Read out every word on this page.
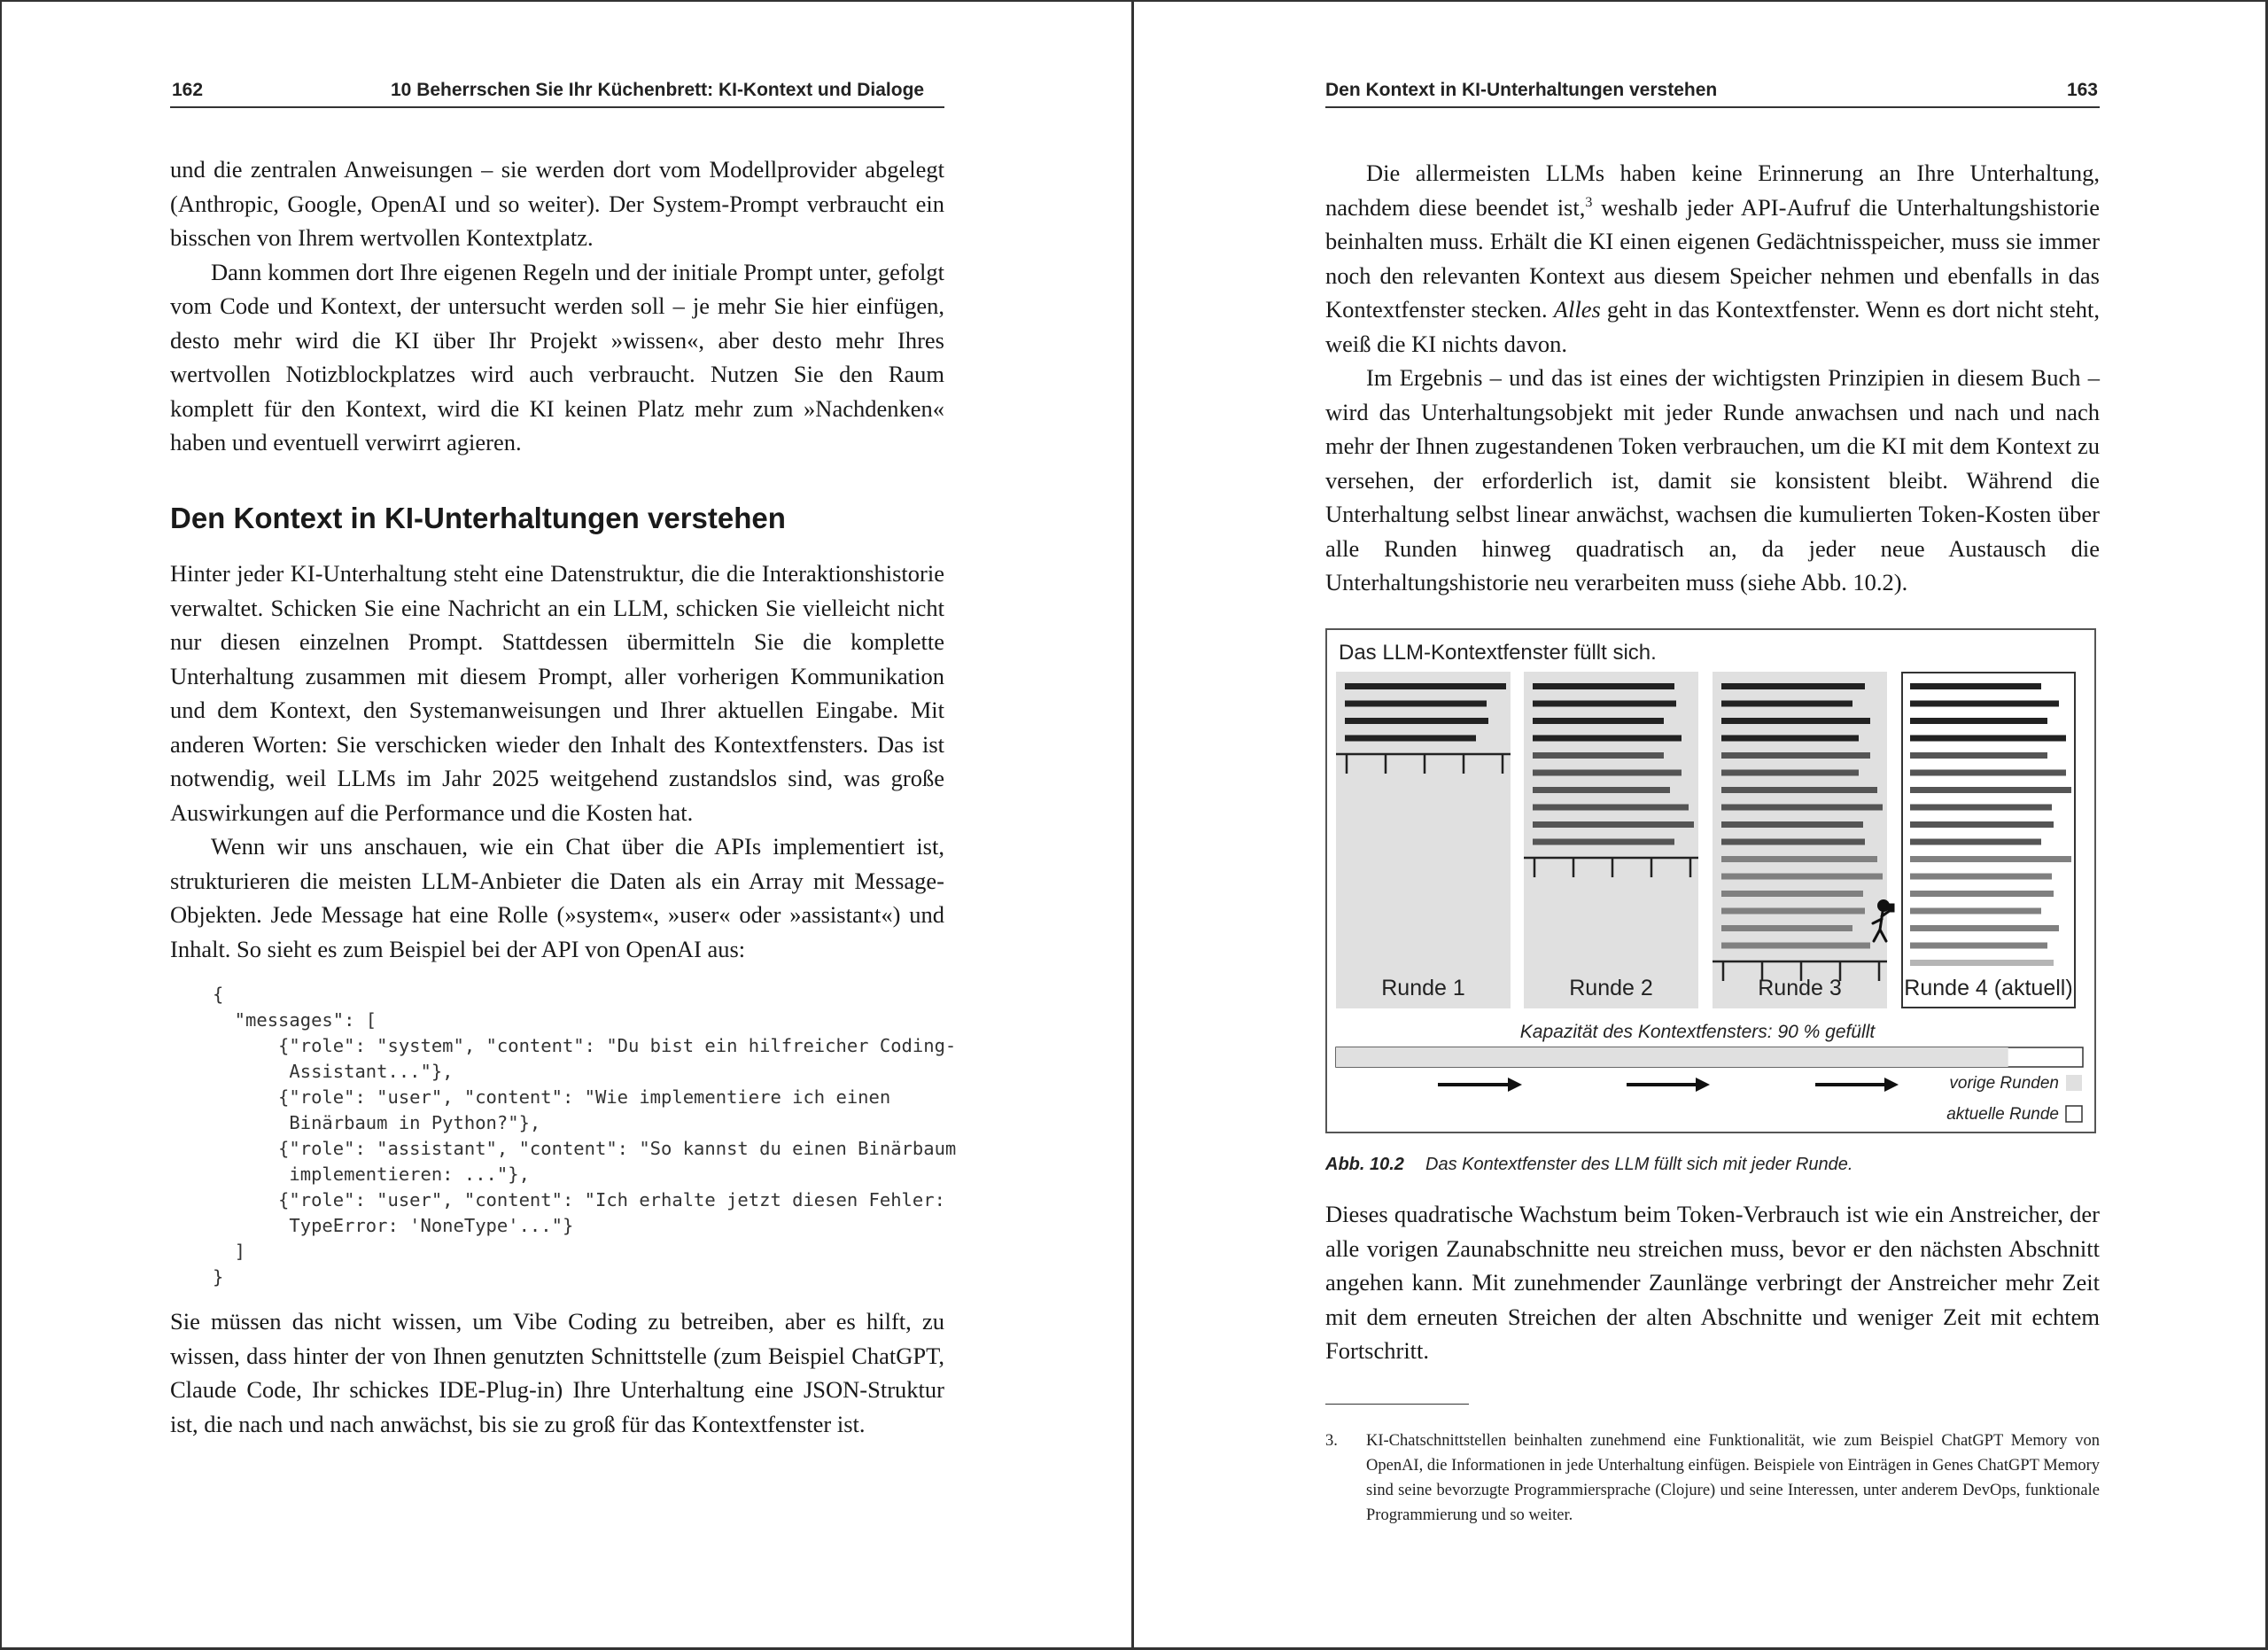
162	10 Beherrschen Sie Ihr Küchenbrett: KI-Kontext und Dialoge

und die zentralen Anweisungen – sie werden dort vom Modellprovider abgelegt (Anthropic, Google, OpenAI und so weiter). Der System-Prompt verbraucht ein bisschen von Ihrem wertvollen Kontextplatz.

Dann kommen dort Ihre eigenen Regeln und der initiale Prompt unter, gefolgt vom Code und Kontext, der untersucht werden soll – je mehr Sie hier einfügen, desto mehr wird die KI über Ihr Projekt »wissen«, aber desto mehr Ihres wertvollen Notizblockplatzes wird auch verbraucht. Nutzen Sie den Raum komplett für den Kontext, wird die KI keinen Platz mehr zum »Nachdenken« haben und eventuell verwirrt agieren.

Den Kontext in KI-Unterhaltungen verstehen

Hinter jeder KI-Unterhaltung steht eine Datenstruktur, die die Interaktionshistorie verwaltet. Schicken Sie eine Nachricht an ein LLM, schicken Sie vielleicht nicht nur diesen einzelnen Prompt. Stattdessen übermitteln Sie die komplette Unterhaltung zusammen mit diesem Prompt, aller vorherigen Kommunikation und dem Kontext, den Systemanweisungen und Ihrer aktuellen Eingabe. Mit anderen Worten: Sie verschicken wieder den Inhalt des Kontextfensters. Das ist notwendig, weil LLMs im Jahr 2025 weitgehend zustandslos sind, was große Auswirkungen auf die Performance und die Kosten hat.

Wenn wir uns anschauen, wie ein Chat über die APIs implementiert ist, strukturieren die meisten LLM-Anbieter die Daten als ein Array mit Message-Objekten. Jede Message hat eine Rolle (»system«, »user« oder »assistant«) und Inhalt. So sieht es zum Beispiel bei der API von OpenAI aus:

{
"messages": [
{"role": "system", "content": "Du bist ein hilfreicher Coding-
Assistant..."},
{"role": "user", "content": "Wie implementiere ich einen
Binärbaum in Python?"},
{"role": "assistant", "content": "So kannst du einen Binärbaum
implementieren: ..."},
{"role": "user", "content": "Ich erhalte jetzt diesen Fehler:
TypeError: 'NoneType'..."}
]
}

Sie müssen das nicht wissen, um Vibe Coding zu betreiben, aber es hilft, zu wissen, dass hinter der von Ihnen genutzten Schnittstelle (zum Beispiel ChatGPT, Claude Code, Ihr schickes IDE-Plug-in) Ihre Unterhaltung eine JSON-Struktur ist, die nach und nach anwächst, bis sie zu groß für das Kontextfenster ist.

Den Kontext in KI-Unterhaltungen verstehen	163

Die allermeisten LLMs haben keine Erinnerung an Ihre Unterhaltung, nachdem diese beendet ist,$^3$ weshalb jeder API-Aufruf die Unterhaltungshistorie beinhalten muss. Erhält die KI einen eigenen Gedächtnisspeicher, muss sie immer noch den relevanten Kontext aus diesem Speicher nehmen und ebenfalls in das Kontextfenster stecken. Alles geht in das Kontextfenster. Wenn es dort nicht steht, weiß die KI nichts davon.

Im Ergebnis – und das ist eines der wichtigsten Prinzipien in diesem Buch – wird das Unterhaltungsobjekt mit jeder Runde anwachsen und nach und nach mehr der Ihnen zugestandenen Token verbrauchen, um die KI mit dem Kontext zu versehen, der erforderlich ist, damit sie konsistent bleibt. Während die Unterhaltung selbst linear anwächst, wachsen die kumulierten Token-Kosten über alle Runden hinweg quadratisch an, da jeder neue Austausch die Unterhaltungshistorie neu verarbeiten muss (siehe Abb. 10.2).

Das LLM-Kontextfenster füllt sich.
Runde 1	Runde 2	Runde 3	Runde 4 (aktuell)
Kapazität des Kontextfensters: 90 % gefüllt
vorige Runden
aktuelle Runde
Abb. 10.2 Das Kontextfenster des LLM füllt sich mit jeder Runde.

Dieses quadratische Wachstum beim Token-Verbrauch ist wie ein Anstreicher, der alle vorigen Zaunabschnitte neu streichen muss, bevor er den nächsten Abschnitt angehen kann. Mit zunehmender Zaunlänge verbringt der Anstreicher mehr Zeit mit dem erneuten Streichen der alten Abschnitte und weniger Zeit mit echtem Fortschritt.

3. KI-Chatschnittstellen beinhalten zunehmend eine Funktionalität, wie zum Beispiel ChatGPT Memory von OpenAI, die Informationen in jede Unterhaltung einfügen. Beispiele von Einträgen in Genes ChatGPT Memory sind seine bevorzugte Programmiersprache (Clojure) und seine Interessen, unter anderem DevOps, funktionale Programmierung und so weiter.
